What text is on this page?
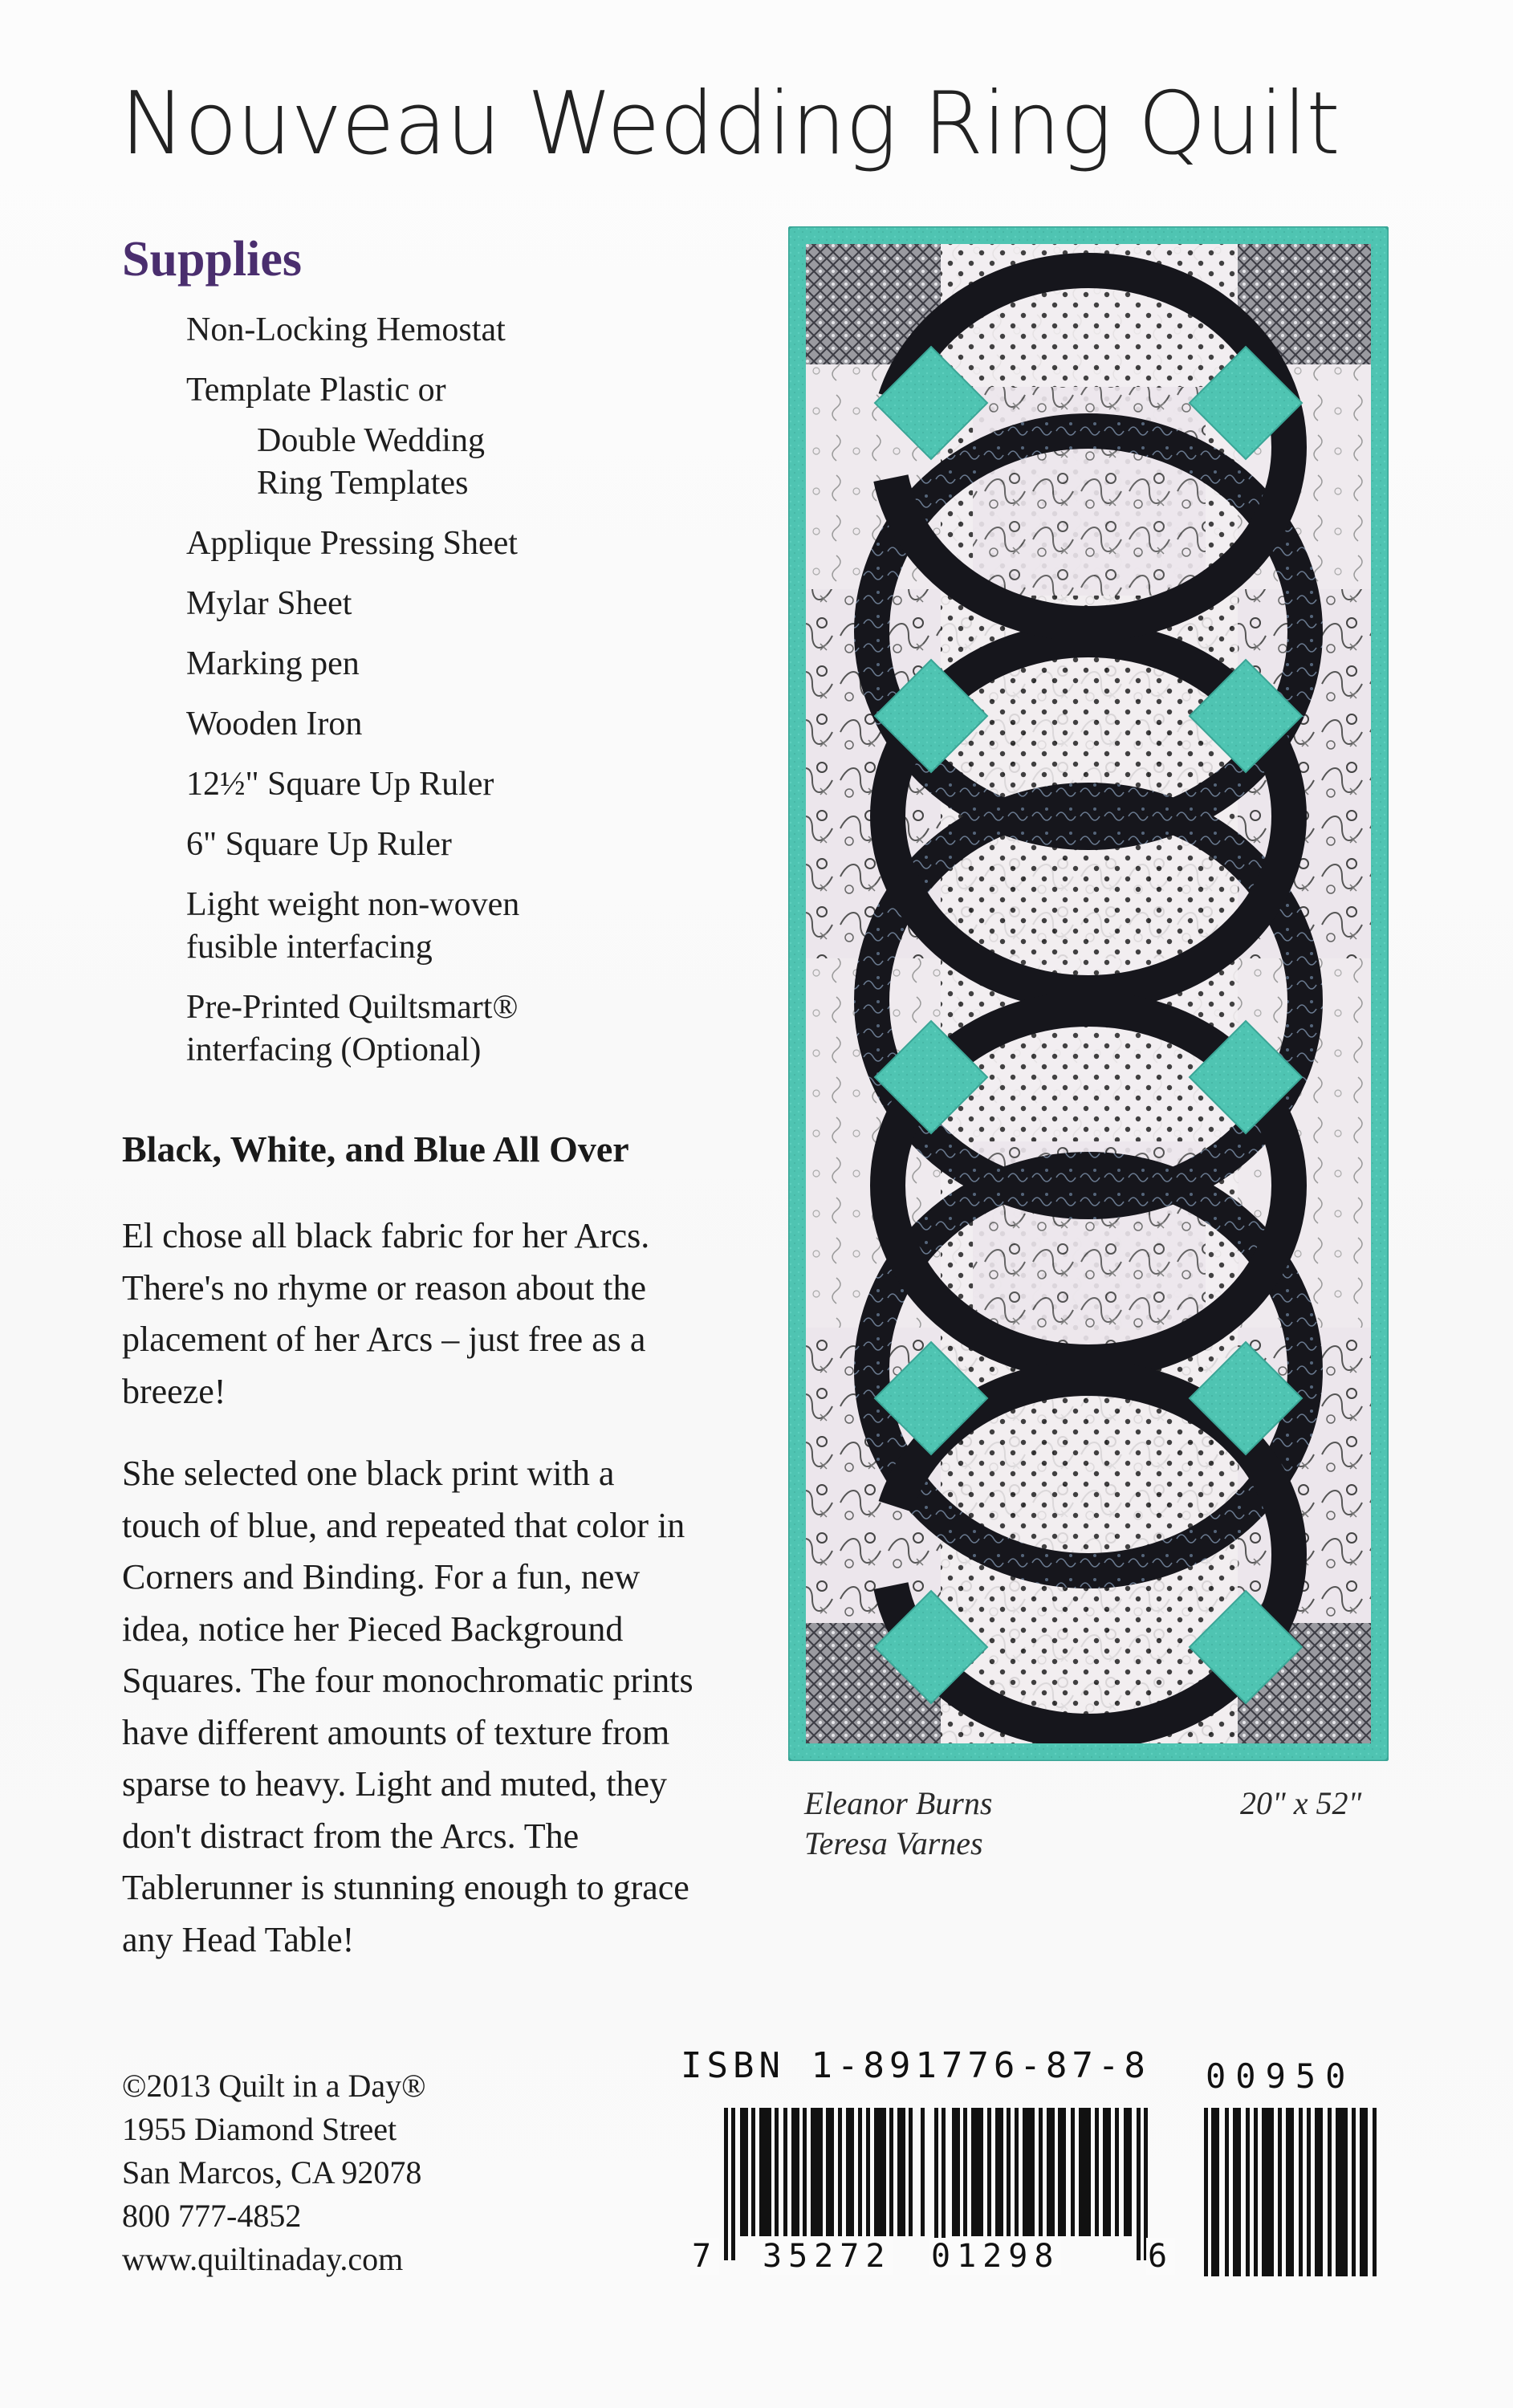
Nouveau Wedding Ring Quilt
Supplies
Non-Locking Hemostat
Template Plastic or
Double Wedding Ring Templates
Applique Pressing Sheet
Mylar Sheet
Marking pen
Wooden Iron
12½" Square Up Ruler
6" Square Up Ruler
Light weight non-woven fusible interfacing
Pre-Printed Quiltsmart® interfacing (Optional)
Black, White, and Blue All Over

El chose all black fabric for her Arcs. There's no rhyme or reason about the placement of her Arcs – just free as a breeze!

She selected one black print with a touch of blue, and repeated that color in Corners and Binding. For a fun, new idea, notice her Pieced Background Squares. The four monochromatic prints have different amounts of texture from sparse to heavy. Light and muted, they don't distract from the Arcs. The Tablerunner is stunning enough to grace any Head Table!

©2013 Quilt in a Day®
1955 Diamond Street
San Marcos, CA 92078
800 777-4852
www.quiltinaday.com
Eleanor Burns
Teresa Varnes
20" x 52"
ISBN 1-891776-87-8 00950
7 35272 01298	6
